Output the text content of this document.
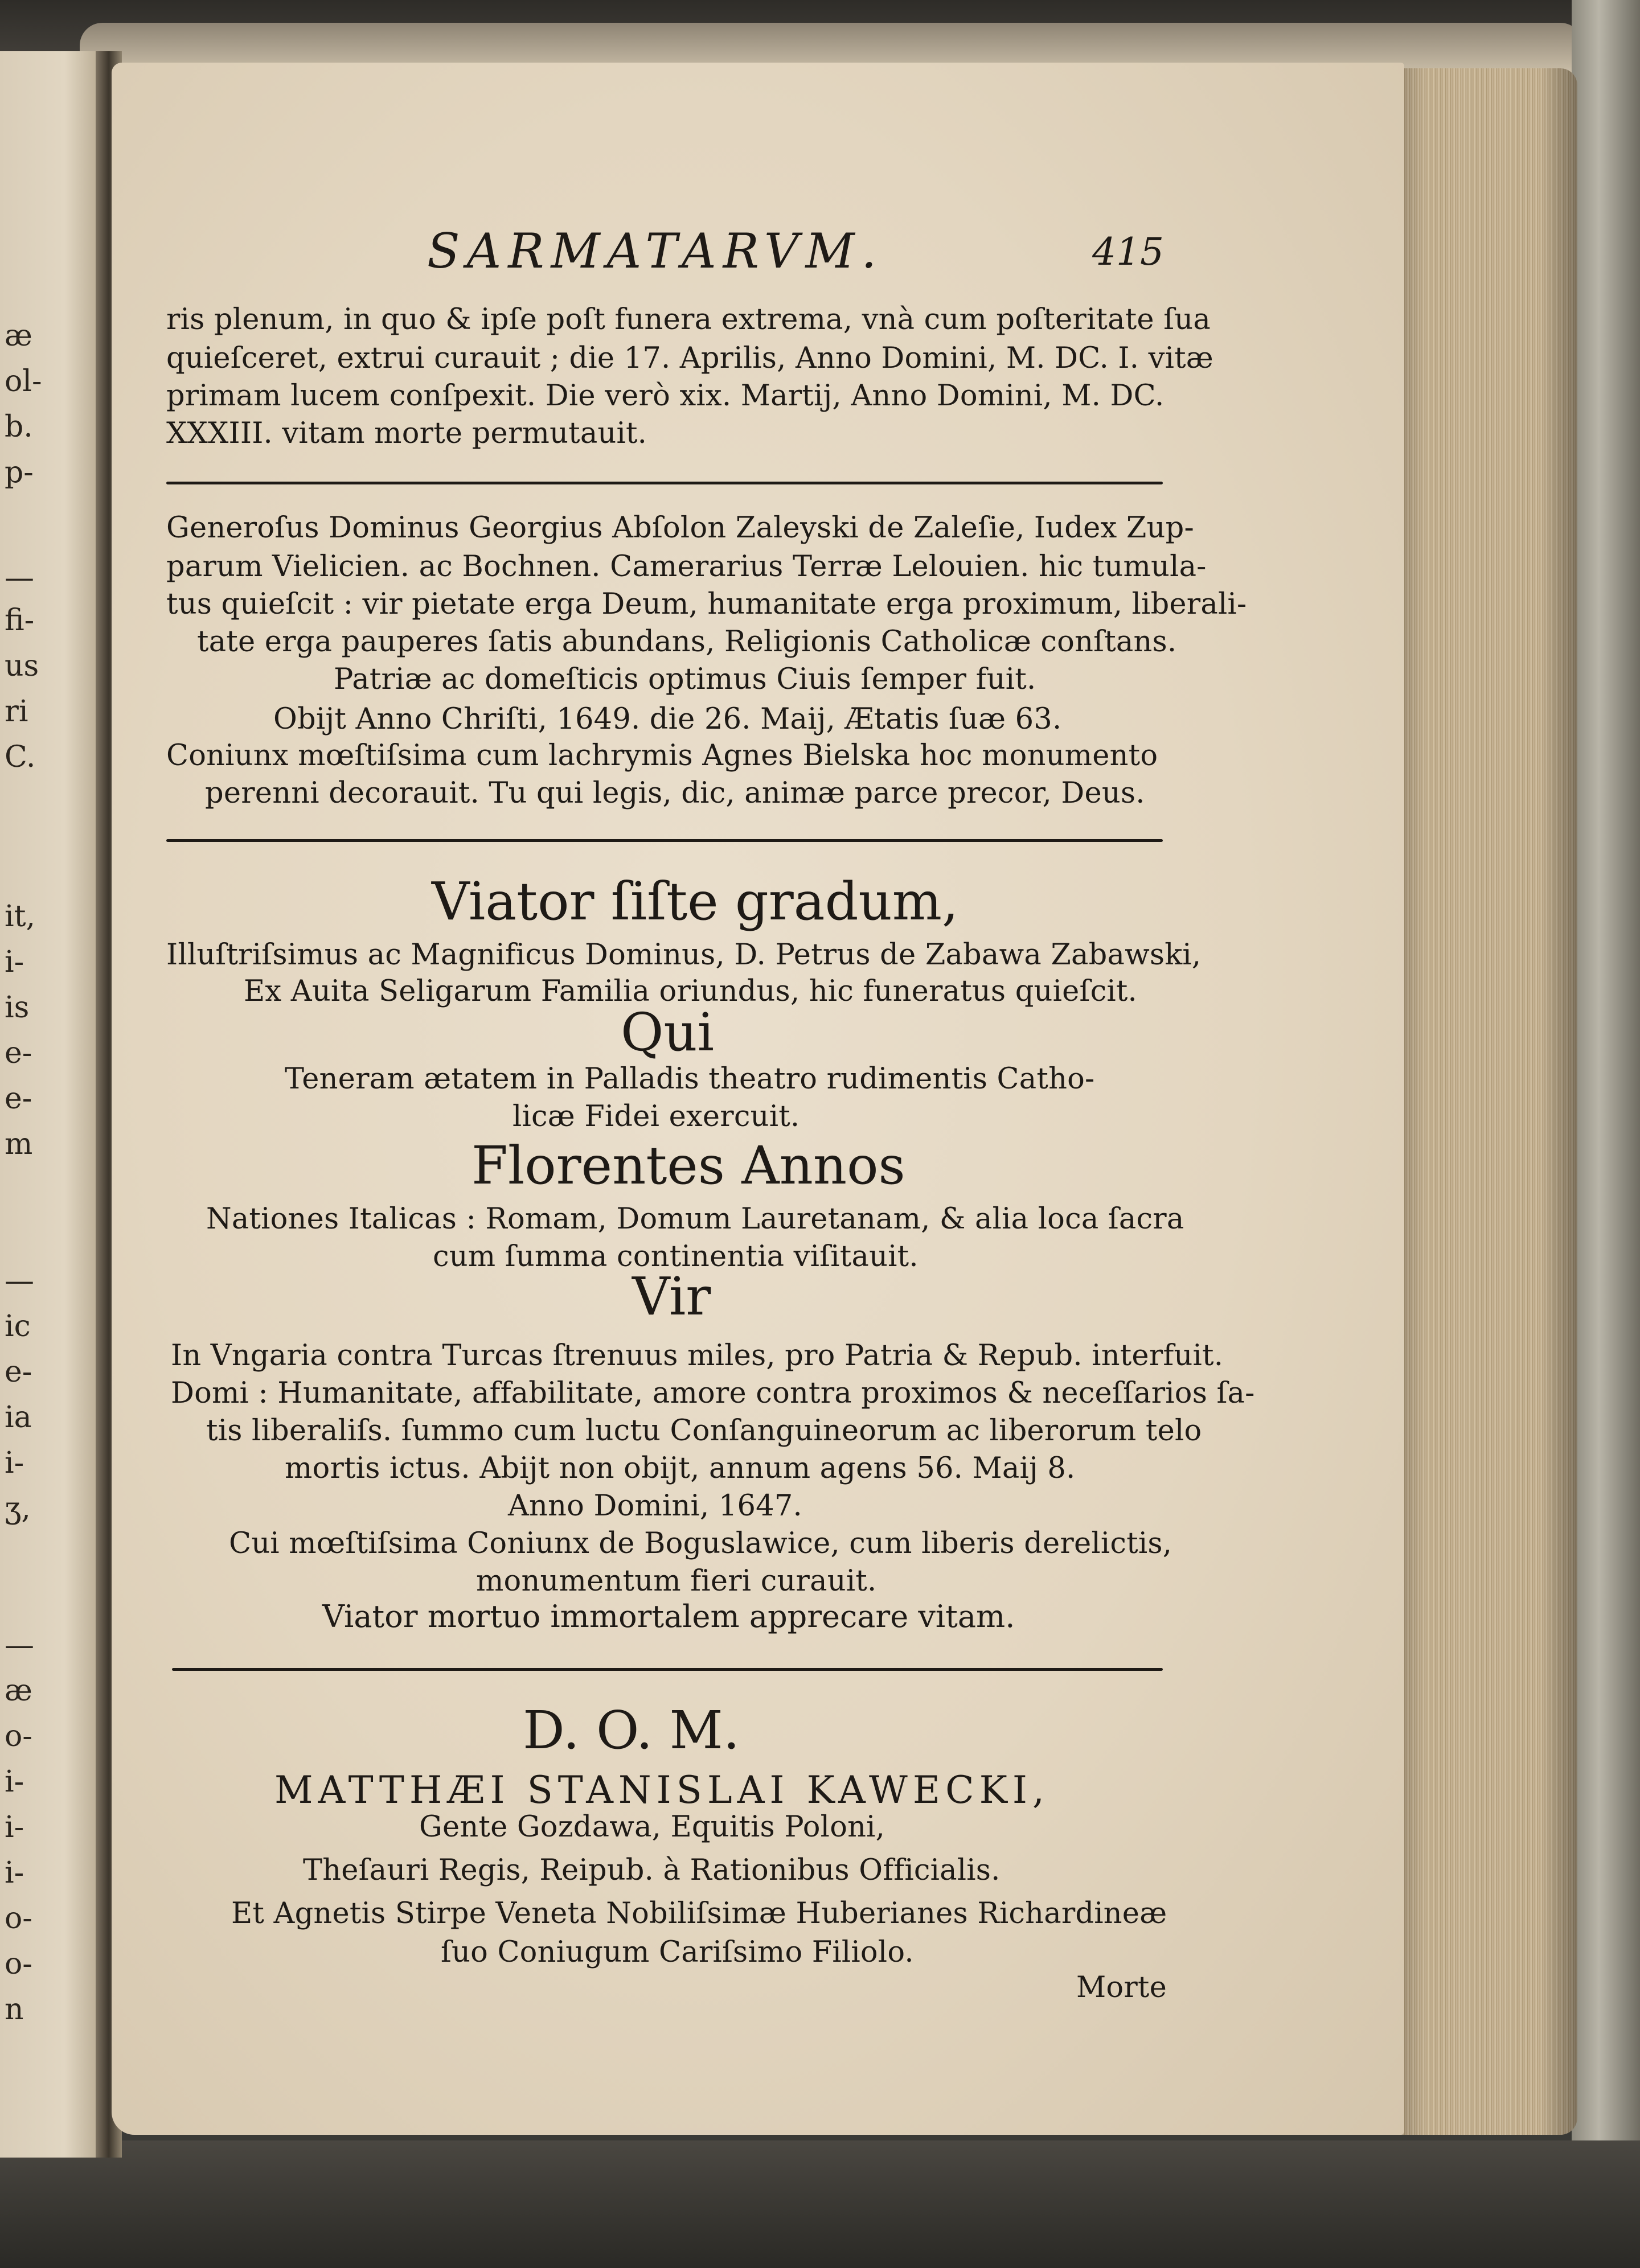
æ
ol-
b.
p-
—
fi-
us
ri
C.
it,
i-
is
e-
e-
m
—
ic
e-
ia
i-
ʒ,
—
æ
o-
i-
i-
i-
o-
o-
n
SARMATARVM.	415
ris plenum, in quo & ipſe poſt funera extrema, vnà cum poſteritate ſua
quieſceret, extrui curauit ; die 17. Aprilis, Anno Domini, M. DC. I. vitæ
primam lucem conſpexit. Die verò xix. Martij, Anno Domini, M. DC.
XXXIII. vitam morte permutauit.
Generoſus Dominus Georgius Abſolon Zaleyski de Zaleſie, Iudex Zup-
parum Vielicien. ac Bochnen. Camerarius Terræ Lelouien. hic tumula-
tus quieſcit : vir pietate erga Deum, humanitate erga proximum, liberali-
tate erga pauperes ſatis abundans, Religionis Catholicæ conſtans.
Patriæ ac domeſticis optimus Ciuis ſemper fuit.
Obijt Anno Chriſti, 1649. die 26. Maij, Ætatis ſuæ 63.
Coniunx mœſtiſsima cum lachrymis Agnes Bielska hoc monumento
perenni decorauit. Tu qui legis, dic, animæ parce precor, Deus.
Viator ſiſte gradum,
Illuſtriſsimus ac Magnificus Dominus, D. Petrus de Zabawa Zabawski,
Ex Auita Seligarum Familia oriundus, hic funeratus quieſcit.
Qui
Teneram ætatem in Palladis theatro rudimentis Catho-
licæ Fidei exercuit.
Florentes Annos
Nationes Italicas : Romam, Domum Lauretanam, & alia loca ſacra
cum ſumma continentia viſitauit.
Vir
In Vngaria contra Turcas ſtrenuus miles, pro Patria & Repub. interfuit.
Domi : Humanitate, affabilitate, amore contra proximos & neceſſarios ſa-
tis liberaliſs. ſummo cum luctu Conſanguineorum ac liberorum telo
mortis ictus. Abijt non obijt, annum agens 56. Maij 8.
Anno Domini, 1647.
Cui mœſtiſsima Coniunx de Boguslawice, cum liberis derelictis,
monumentum fieri curauit.
Viator mortuo immortalem apprecare vitam.
D. O. M.
MATTHÆI STANISLAI KAWECKI,
Gente Gozdawa, Equitis Poloni,
Theſauri Regis, Reipub. à Rationibus Officialis.
Et Agnetis Stirpe Veneta Nobiliſsimæ Huberianes Richardineæ
ſuo Coniugum Cariſsimo Filiolo.
Morte
